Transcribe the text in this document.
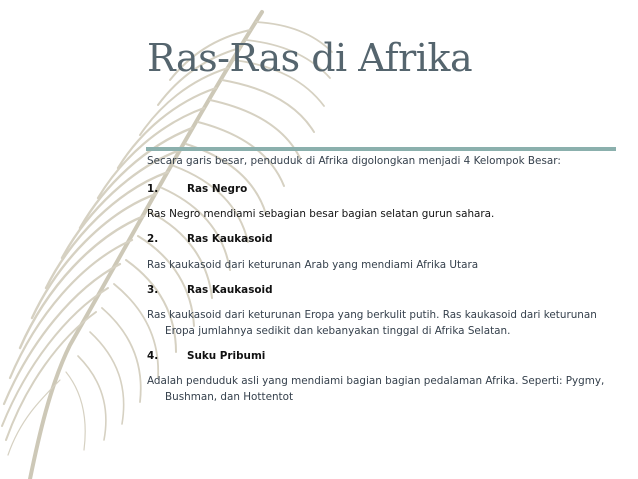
Ras-Ras di Afrika

Secara garis besar, penduduk di Afrika digolongkan menjadi 4 Kelompok Besar:

1.	Ras Negro

Ras Negro mendiami sebagian besar bagian selatan gurun sahara.

2.	Ras Kaukasoid

Ras kaukasoid dari keturunan Arab yang mendiami Afrika Utara

3.	Ras Kaukasoid

Ras kaukasoid dari keturunan Eropa yang berkulit putih. Ras kaukasoid dari keturunan Eropa jumlahnya sedikit dan kebanyakan tinggal di Afrika Selatan.

4.	Suku Pribumi

Adalah penduduk asli yang mendiami bagian bagian pedalaman Afrika. Seperti: Pygmy, Bushman, dan Hottentot
